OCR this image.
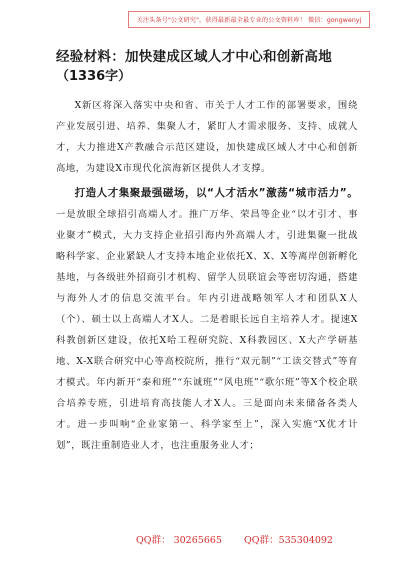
关注头条号"公文研究"，获得最新最全最专业的公文资料库！ 微信：gongwenyj
经验材料：加快建成区域人才中心和创新高地
（1336字）

X新区将深入落实中央和省、市关于人才工作的部署要求，围绕产业发展引进、培养、集聚人才，紧盯人才需求服务、支持、成就人才，大力推进X产教融合示范区建设，加快建成区域人才中心和创新高地，为建设X市现代化滨海新区提供人才支撑。

打造人才集聚最强磁场，以“人才活水”激荡“城市活力”。一是放眼全球招引高端人才。推广万华、荣昌等企业“以才引才、事业聚才”模式，大力支持企业招引海内外高端人才，引进集聚一批战略科学家、企业紧缺人才支持本地企业依托X、X、X等离岸创新孵化基地，与各级驻外招商引才机构、留学人员联谊会等密切沟通，搭建与海外人才的信息交流平台。年内引进战略领军人才和团队X人（个）、硕士以上高端人才X人。二是着眼长远自主培养人才。提速X科教创新区建设，依托X哈工程研究院、X科教园区、X大产学研基地、X-X联合研究中心等高校院所，推行“双元制”“工读交替式”等育才模式。年内新开“泰和班”“东诚班”“风电班”“歌尔班”等X个校企联合培养专班，引进培育高技能人才X人。三是面向未来储备各类人才。进一步叫响“企业家第一、科学家至上”，深入实施“X优才计划”，既注重制造业人才，也注重服务业人才；

QQ群： 30265665 QQ群：535304092
